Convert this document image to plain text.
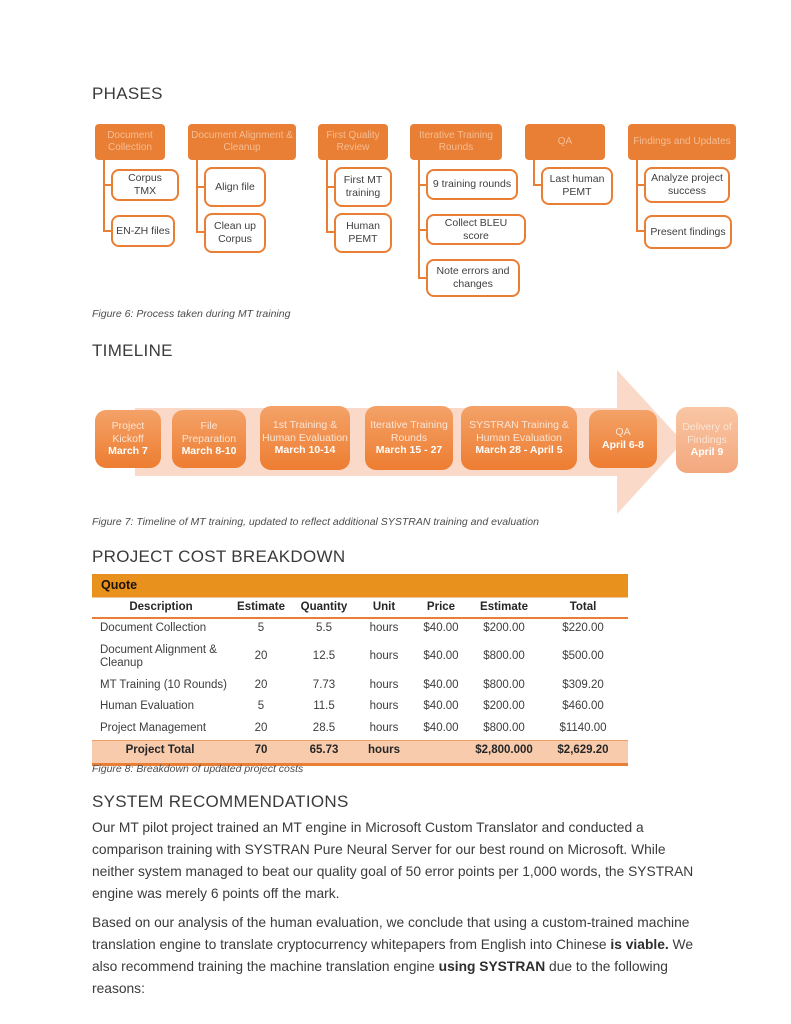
PHASES
Document Collection
Corpus TMX
EN-ZH files
Document Alignment & Cleanup
Align file
Clean up Corpus
First Quality Review
First MT training
Human PEMT
Iterative Training Rounds
9 training rounds
Collect BLEU score
Note errors and changes
QA
Last human PEMT
Findings and Updates
Analyze project success
Present findings
Figure 6: Process taken during MT training
TIMELINE
Project Kickoff
March 7
File Preparation
March 8-10
1st Training & Human Evaluation
March 10-14
Iterative Training Rounds
March 15 - 27
SYSTRAN Training & Human Evaluation
March 28 - April 5
QA
April 6-8
Delivery of Findings
April 9
Figure 7: Timeline of MT training, updated to reflect additional SYSTRAN training and evaluation
PROJECT COST BREAKDOWN
Quote
Description	Estimate	Quantity	Unit	Price	Estimate	Total
Document Collection	5	5.5	hours	$40.00	$200.00	$220.00
Document Alignment & Cleanup	20	12.5	hours	$40.00	$800.00	$500.00
MT Training (10 Rounds)	20	7.73	hours	$40.00	$800.00	$309.20
Human Evaluation	5	11.5	hours	$40.00	$200.00	$460.00
Project Management	20	28.5	hours	$40.00	$800.00	$1140.00
Project Total	70	65.73	hours		$2,800.000	$2,629.20
Figure 8: Breakdown of updated project costs
SYSTEM RECOMMENDATIONS

Our MT pilot project trained an MT engine in Microsoft Custom Translator and conducted a comparison training with SYSTRAN Pure Neural Server for our best round on Microsoft. While neither system managed to beat our quality goal of 50 error points per 1,000 words, the SYSTRAN engine was merely 6 points off the mark.

Based on our analysis of the human evaluation, we conclude that using a custom-trained machine translation engine to translate cryptocurrency whitepapers from English into Chinese is viable. We also recommend training the machine translation engine using SYSTRAN due to the following reasons:
